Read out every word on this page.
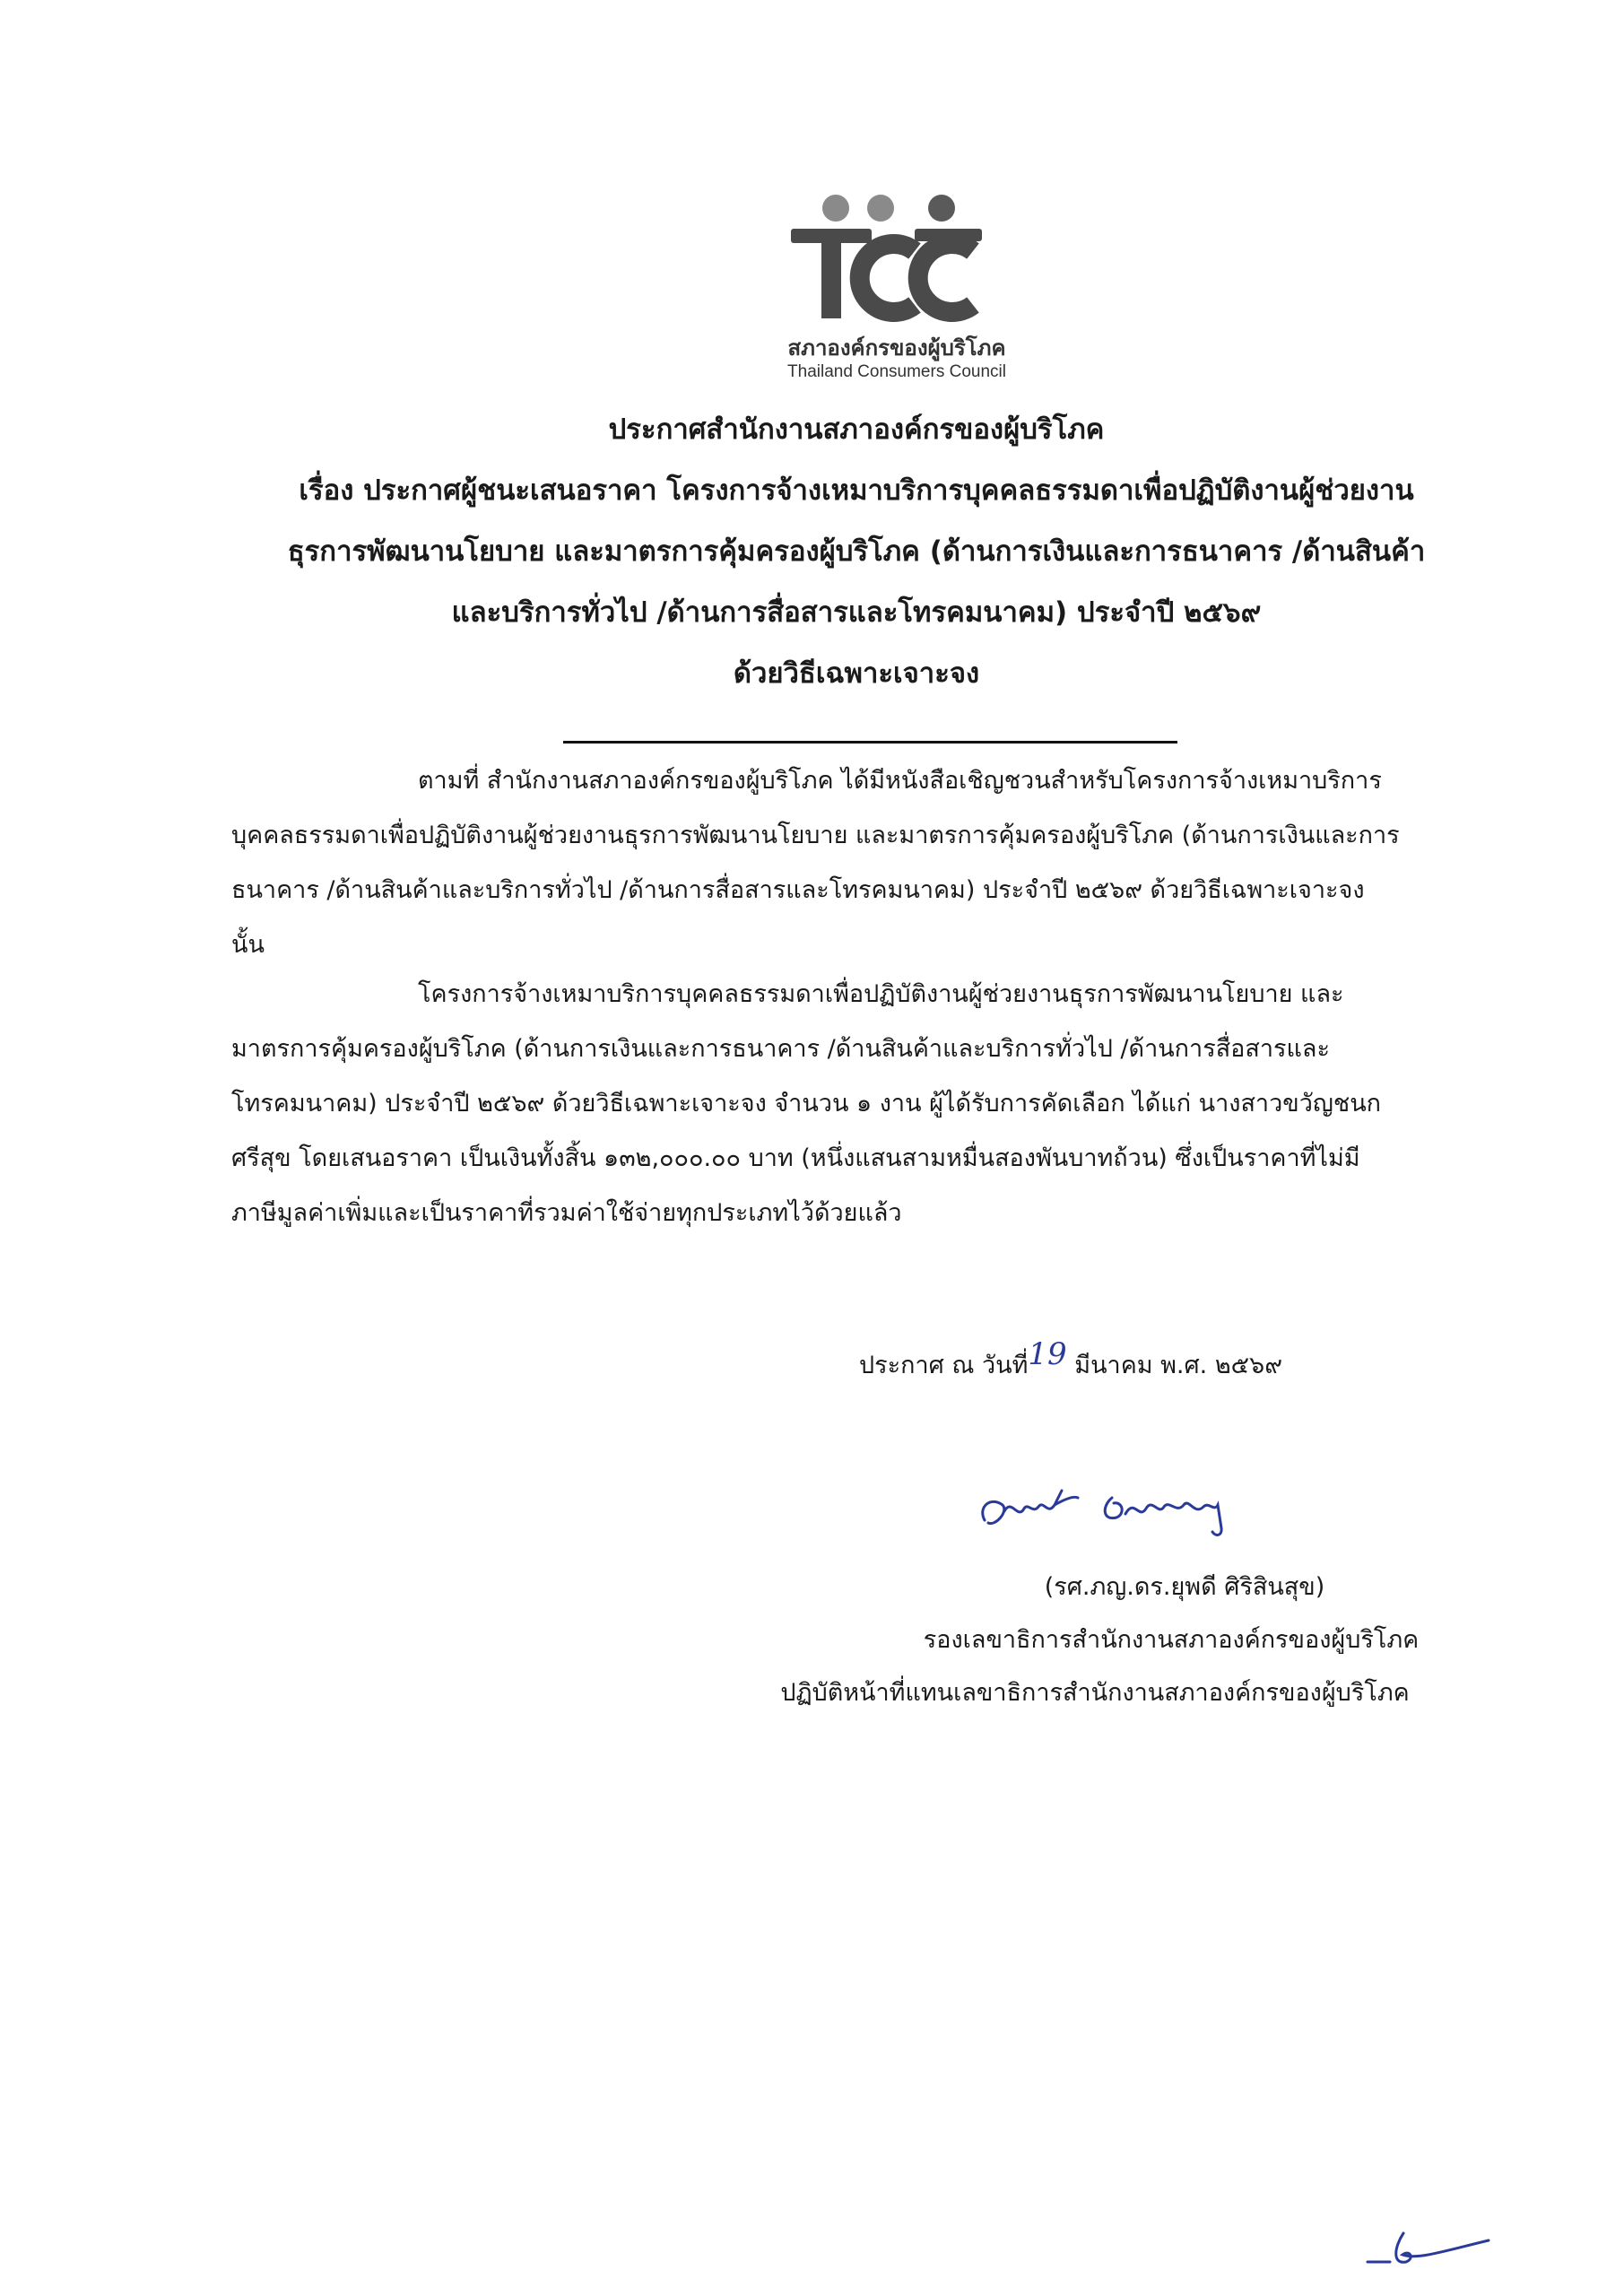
สภาองค์กรของผู้บริโภค
Thailand Consumers Council
ประกาศสำนักงานสภาองค์กรของผู้บริโภค
เรื่อง ประกาศผู้ชนะเสนอราคา โครงการจ้างเหมาบริการบุคคลธรรมดาเพื่อปฏิบัติงานผู้ช่วยงาน
ธุรการพัฒนานโยบาย และมาตรการคุ้มครองผู้บริโภค (ด้านการเงินและการธนาคาร /ด้านสินค้า
และบริการทั่วไป /ด้านการสื่อสารและโทรคมนาคม) ประจำปี ๒๕๖๙
ด้วยวิธีเฉพาะเจาะจง
ตามที่ สำนักงานสภาองค์กรของผู้บริโภค ได้มีหนังสือเชิญชวนสำหรับโครงการจ้างเหมาบริการ
บุคคลธรรมดาเพื่อปฏิบัติงานผู้ช่วยงานธุรการพัฒนานโยบาย และมาตรการคุ้มครองผู้บริโภค (ด้านการเงินและการ
ธนาคาร /ด้านสินค้าและบริการทั่วไป /ด้านการสื่อสารและโทรคมนาคม) ประจำปี ๒๕๖๙ ด้วยวิธีเฉพาะเจาะจง
นั้น
โครงการจ้างเหมาบริการบุคคลธรรมดาเพื่อปฏิบัติงานผู้ช่วยงานธุรการพัฒนานโยบาย และ
มาตรการคุ้มครองผู้บริโภค (ด้านการเงินและการธนาคาร /ด้านสินค้าและบริการทั่วไป /ด้านการสื่อสารและ
โทรคมนาคม) ประจำปี ๒๕๖๙ ด้วยวิธีเฉพาะเจาะจง จำนวน ๑ งาน ผู้ได้รับการคัดเลือก ได้แก่ นางสาวขวัญชนก
ศรีสุข โดยเสนอราคา เป็นเงินทั้งสิ้น ๑๓๒,๐๐๐.๐๐ บาท (หนึ่งแสนสามหมื่นสองพันบาทถ้วน) ซึ่งเป็นราคาที่ไม่มี
ภาษีมูลค่าเพิ่มและเป็นราคาที่รวมค่าใช้จ่ายทุกประเภทไว้ด้วยแล้ว
ประกาศ ณ วันที่19 มีนาคม พ.ศ. ๒๕๖๙
(รศ.ภญ.ดร.ยุพดี ศิริสินสุข)
รองเลขาธิการสำนักงานสภาองค์กรของผู้บริโภค
ปฏิบัติหน้าที่แทนเลขาธิการสำนักงานสภาองค์กรของผู้บริโภค
